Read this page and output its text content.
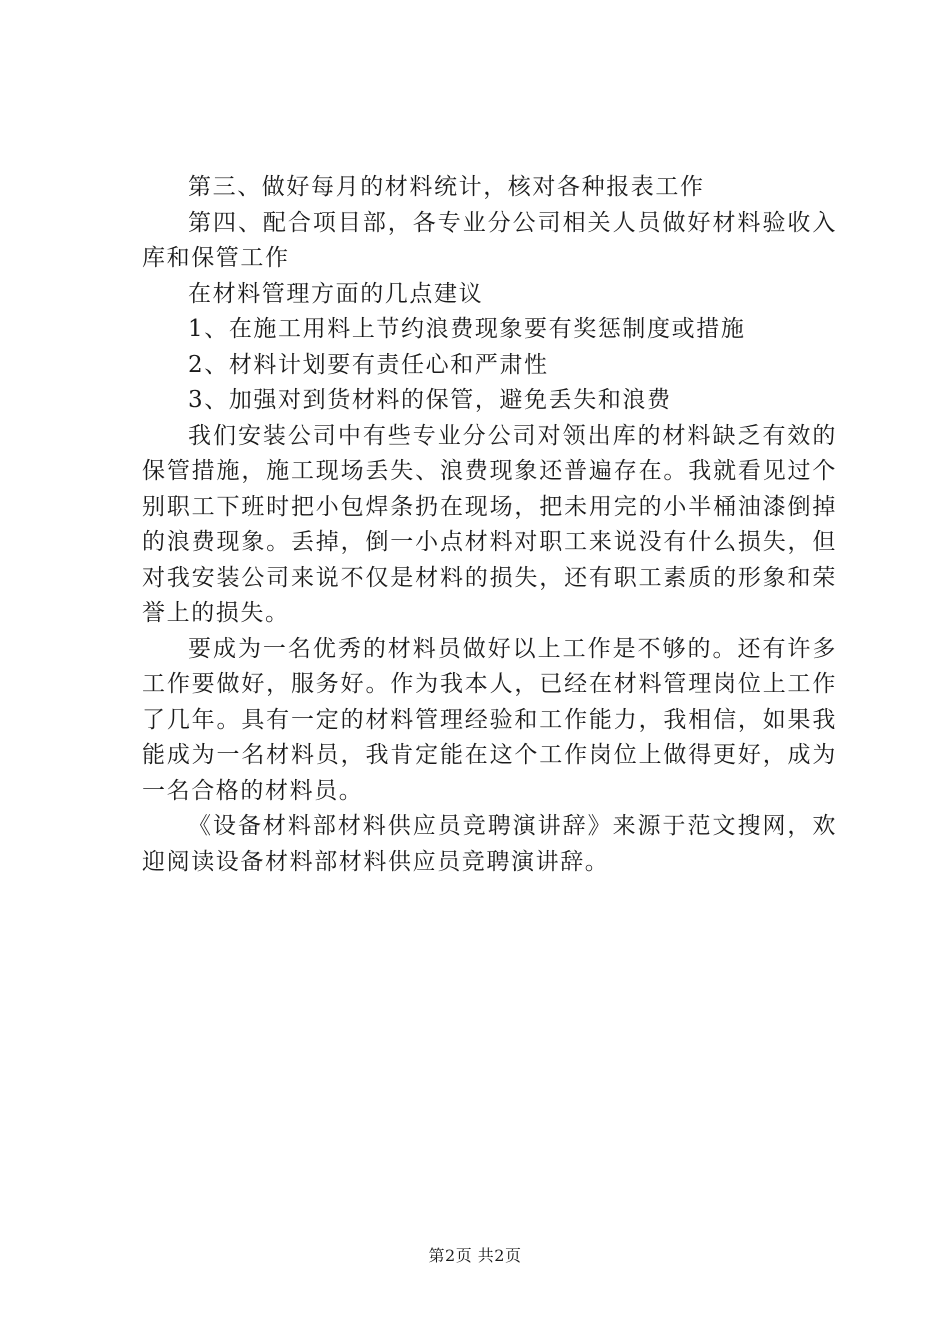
第三、做好每月的材料统计，核对各种报表工作

第四、配合项目部，各专业分公司相关人员做好材料验收入库和保管工作

在材料管理方面的几点建议

1、在施工用料上节约浪费现象要有奖惩制度或措施

2、材料计划要有责任心和严肃性

3、加强对到货材料的保管，避免丢失和浪费

我们安装公司中有些专业分公司对领出库的材料缺乏有效的保管措施，施工现场丢失、浪费现象还普遍存在。我就看见过个别职工下班时把小包焊条扔在现场，把未用完的小半桶油漆倒掉的浪费现象。丢掉，倒一小点材料对职工来说没有什么损失，但对我安装公司来说不仅是材料的损失，还有职工素质的形象和荣誉上的损失。

要成为一名优秀的材料员做好以上工作是不够的。还有许多工作要做好，服务好。作为我本人，已经在材料管理岗位上工作了几年。具有一定的材料管理经验和工作能力，我相信，如果我能成为一名材料员，我肯定能在这个工作岗位上做得更好，成为一名合格的材料员。

《设备材料部材料供应员竞聘演讲辞》来源于范文搜网，欢迎阅读设备材料部材料供应员竞聘演讲辞。

第2页 共2页
